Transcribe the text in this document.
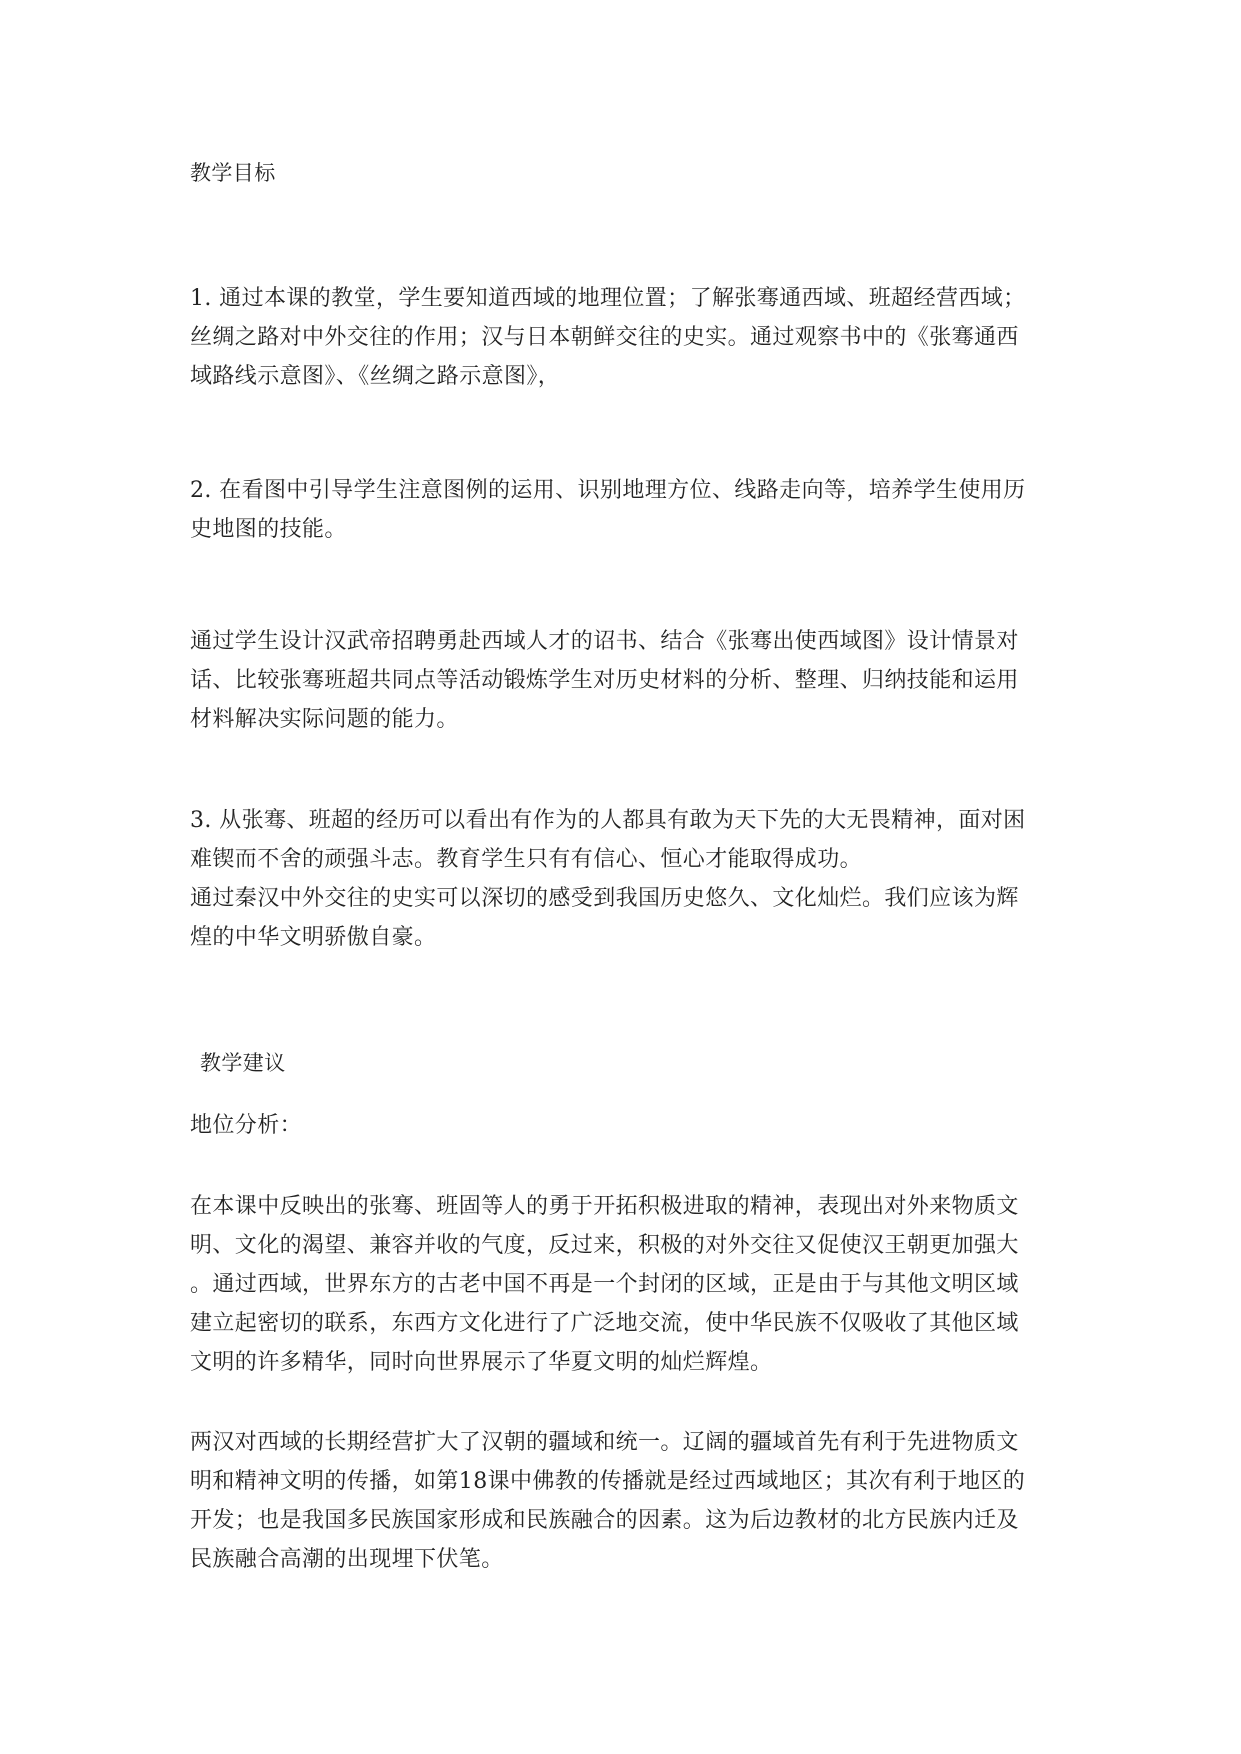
教学目标
1. 通过本课的教堂，学生要知道西域的地理位置；了解张骞通西域、班超经营西域；
丝绸之路对中外交往的作用；汉与日本朝鲜交往的史实。通过观察书中的《张骞通西
域路线示意图》、《丝绸之路示意图》，
2. 在看图中引导学生注意图例的运用、识别地理方位、线路走向等，培养学生使用历
史地图的技能。
通过学生设计汉武帝招聘勇赴西域人才的诏书、结合《张骞出使西域图》设计情景对
话、比较张骞班超共同点等活动锻炼学生对历史材料的分析、整理、归纳技能和运用
材料解决实际问题的能力。
3. 从张骞、班超的经历可以看出有作为的人都具有敢为天下先的大无畏精神，面对困
难锲而不舍的顽强斗志。教育学生只有有信心、恒心才能取得成功。
通过秦汉中外交往的史实可以深切的感受到我国历史悠久、文化灿烂。我们应该为辉
煌的中华文明骄傲自豪。
教学建议
地位分析：
在本课中反映出的张骞、班固等人的勇于开拓积极进取的精神，表现出对外来物质文
明、文化的渴望、兼容并收的气度，反过来，积极的对外交往又促使汉王朝更加强大
。通过西域，世界东方的古老中国不再是一个封闭的区域，正是由于与其他文明区域
建立起密切的联系，东西方文化进行了广泛地交流，使中华民族不仅吸收了其他区域
文明的许多精华，同时向世界展示了华夏文明的灿烂辉煌。
两汉对西域的长期经营扩大了汉朝的疆域和统一。辽阔的疆域首先有利于先进物质文
明和精神文明的传播，如第18课中佛教的传播就是经过西域地区；其次有利于地区的
开发；也是我国多民族国家形成和民族融合的因素。这为后边教材的北方民族内迁及
民族融合高潮的出现埋下伏笔。
